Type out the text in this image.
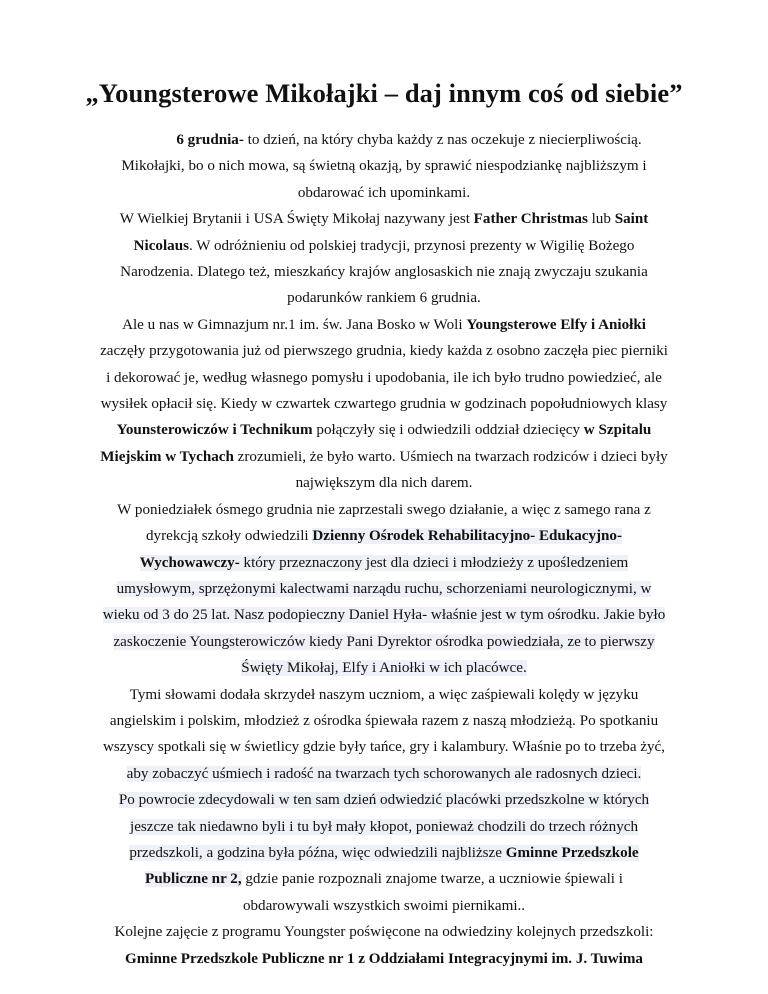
„Youngsterowe Mikołajki – daj innym coś od siebie”
6 grudnia- to dzień, na który chyba każdy z nas oczekuje z niecierpliwością.
Mikołajki, bo o nich mowa, są świetną okazją, by sprawić niespodziankę najbliższym i
obdarować ich upominkami.
W Wielkiej Brytanii i USA Święty Mikołaj nazywany jest Father Christmas lub Saint
Nicolaus. W odróżnieniu od polskiej tradycji, przynosi prezenty w Wigilię Bożego
Narodzenia. Dlatego też, mieszkańcy krajów anglosaskich nie znają zwyczaju szukania
podarunków rankiem 6 grudnia.
Ale u nas w Gimnazjum nr.1 im. św. Jana Bosko w Woli Youngsterowe Elfy i Aniołki
zaczęły przygotowania już od pierwszego grudnia, kiedy każda z osobno zaczęła piec pierniki
i dekorować je, według własnego pomysłu i upodobania, ile ich było trudno powiedzieć, ale
wysiłek opłacił się. Kiedy w czwartek czwartego grudnia w godzinach popołudniowych klasy
Younsterowiczów i Technikum połączyły się i odwiedzili oddział dziecięcy w Szpitalu
Miejskim w Tychach zrozumieli, że było warto. Uśmiech na twarzach rodziców i dzieci były
największym dla nich darem.
W poniedziałek ósmego grudnia nie zaprzestali swego działanie, a więc z samego rana z
dyrekcją szkoły odwiedzili Dzienny Ośrodek Rehabilitacyjno- Edukacyjno-
Wychowawczy- który przeznaczony jest dla dzieci i młodzieży z upośledzeniem
umysłowym, sprzężonymi kalectwami narządu ruchu, schorzeniami neurologicznymi, w
wieku od 3 do 25 lat. Nasz podopieczny Daniel Hyła- właśnie jest w tym ośrodku. Jakie było
zaskoczenie Youngsterowiczów kiedy Pani Dyrektor ośrodka powiedziała, ze to pierwszy
Święty Mikołaj, Elfy i Aniołki w ich placówce.
Tymi słowami dodała skrzydeł naszym uczniom, a więc zaśpiewali kolędy w języku
angielskim i polskim, młodzież z ośrodka śpiewała razem z naszą młodzieżą. Po spotkaniu
wszyscy spotkali się w świetlicy gdzie były tańce, gry i kalambury. Właśnie po to trzeba żyć,
aby zobaczyć uśmiech i radość na twarzach tych schorowanych ale radosnych dzieci.
Po powrocie zdecydowali w ten sam dzień odwiedzić placówki przedszkolne w których
jeszcze tak niedawno byli i tu był mały kłopot, ponieważ chodzili do trzech różnych
przedszkoli, a godzina była późna, więc odwiedzili najbliższe Gminne Przedszkole
Publiczne nr 2, gdzie panie rozpoznali znajome twarze, a uczniowie śpiewali i
obdarowywali wszystkich swoimi piernikami..
Kolejne zajęcie z programu Youngster poświęcone na odwiedziny kolejnych przedszkoli:
Gminne Przedszkole Publiczne nr 1 z Oddziałami Integracyjnymi im. J. Tuwima
